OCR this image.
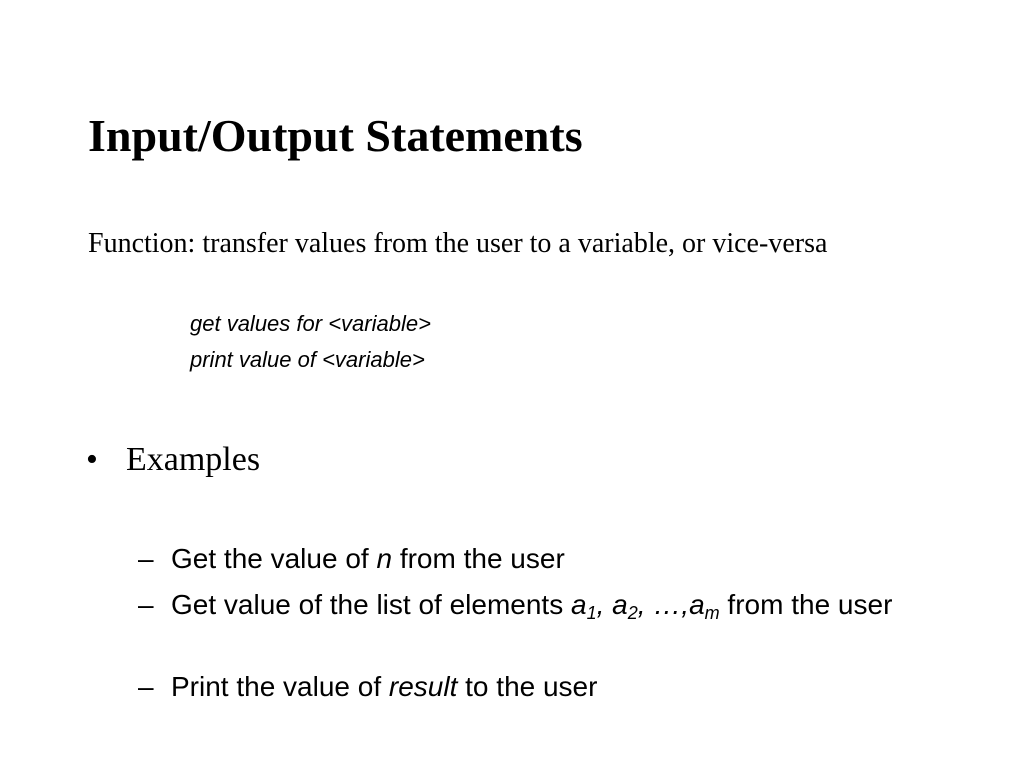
Input/Output Statements

Function: transfer values from the user to a variable, or vice-versa

get values for <variable>

print value of <variable>

• Examples
– Get the value of n from the user
– Get value of the list of elements $a_1$, $a_2$, $\dots,a_m$ from the user
– Print the value of result to the user
